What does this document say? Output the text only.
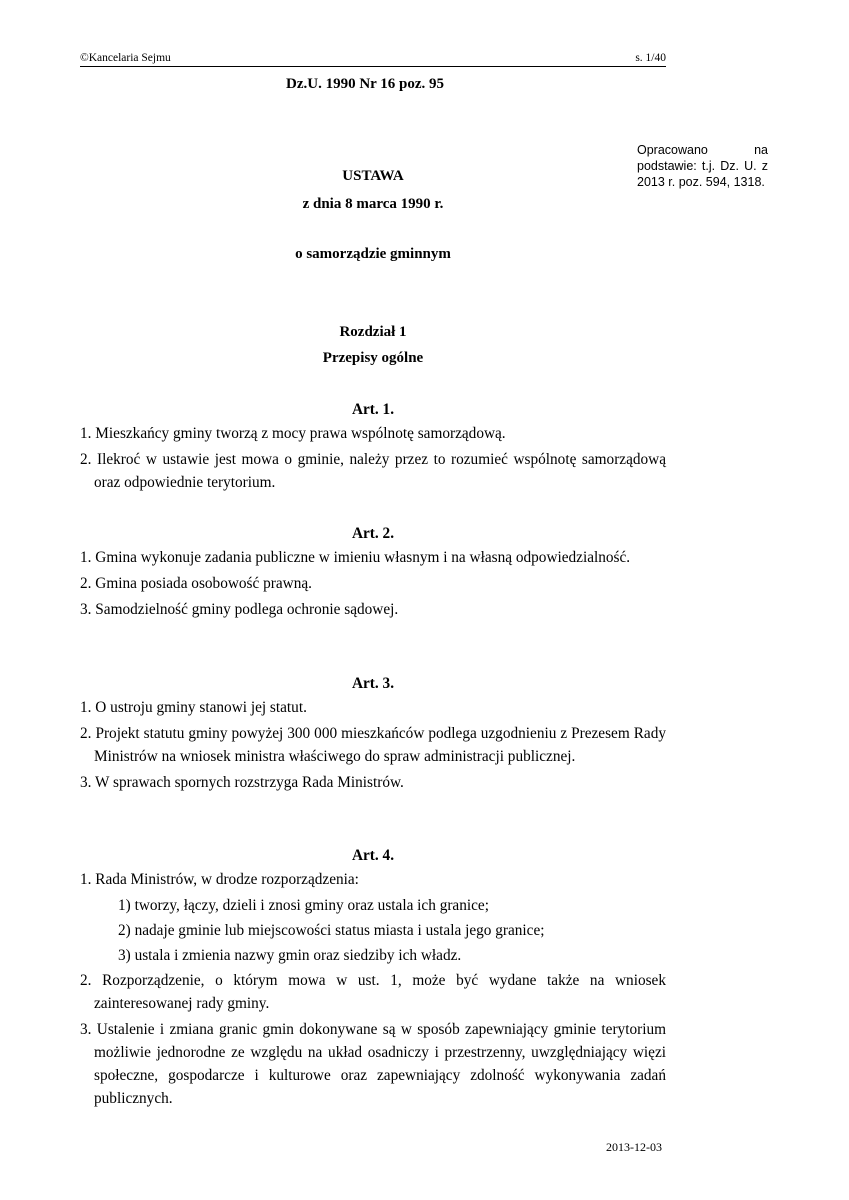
©Kancelaria Sejmu	s. 1/40
Dz.U. 1990 Nr 16 poz. 95
Opracowano na podstawie: t.j. Dz. U. z 2013 r. poz. 594, 1318.
USTAWA
z dnia 8 marca 1990 r.
o samorządzie gminnym
Rozdział 1
Przepisy ogólne
Art. 1.

1. Mieszkańcy gminy tworzą z mocy prawa wspólnotę samorządową.

2. Ilekroć w ustawie jest mowa o gminie, należy przez to rozumieć wspólnotę samorządową oraz odpowiednie terytorium.

Art. 2.

1. Gmina wykonuje zadania publiczne w imieniu własnym i na własną odpowiedzialność.

2. Gmina posiada osobowość prawną.

3. Samodzielność gminy podlega ochronie sądowej.

Art. 3.

1. O ustroju gminy stanowi jej statut.

2. Projekt statutu gminy powyżej 300 000 mieszkańców podlega uzgodnieniu z Prezesem Rady Ministrów na wniosek ministra właściwego do spraw administracji publicznej.

3. W sprawach spornych rozstrzyga Rada Ministrów.

Art. 4.

1. Rada Ministrów, w drodze rozporządzenia:

1) tworzy, łączy, dzieli i znosi gminy oraz ustala ich granice;

2) nadaje gminie lub miejscowości status miasta i ustala jego granice;

3) ustala i zmienia nazwy gmin oraz siedziby ich władz.

2. Rozporządzenie, o którym mowa w ust. 1, może być wydane także na wniosek zainteresowanej rady gminy.

3. Ustalenie i zmiana granic gmin dokonywane są w sposób zapewniający gminie terytorium możliwie jednorodne ze względu na układ osadniczy i przestrzenny, uwzględniający więzi społeczne, gospodarcze i kulturowe oraz zapewniający zdolność wykonywania zadań publicznych.

2013-12-03
